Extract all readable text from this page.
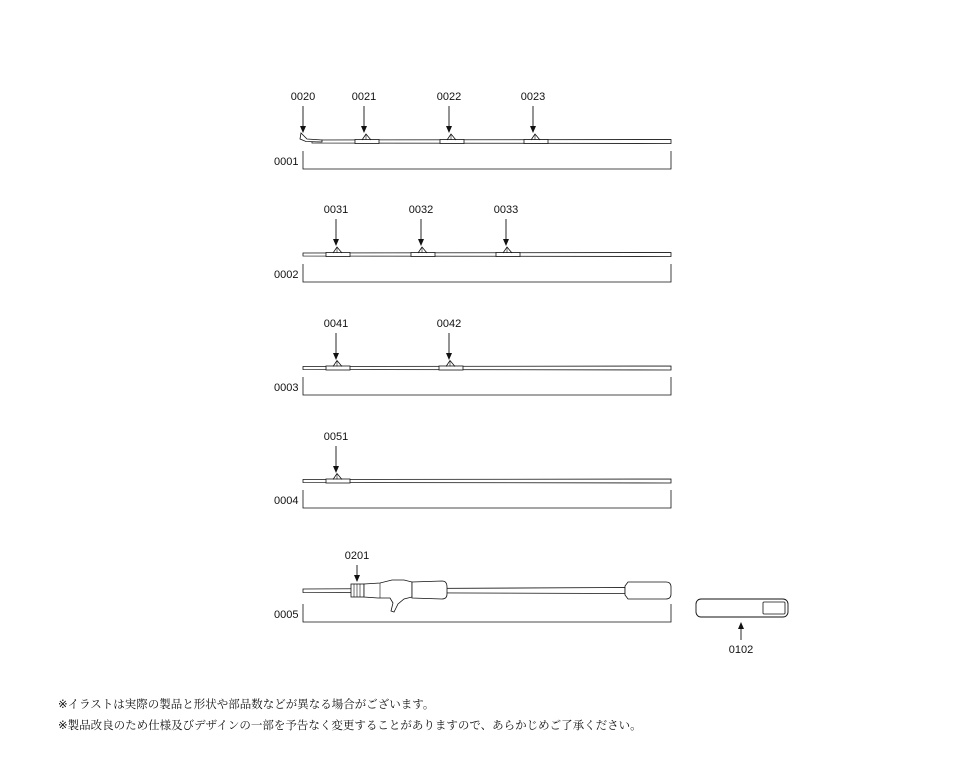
0020	0021	0022	0023
0001
0031	0032	0033
0002
0041	0042
0003
0051
0004
0201
0005
0102
※イラストは実際の製品と形状や部品数などが異なる場合がございます。
※製品改良のため仕様及びデザインの一部を予告なく変更することがありますので、あらかじめご了承ください。
